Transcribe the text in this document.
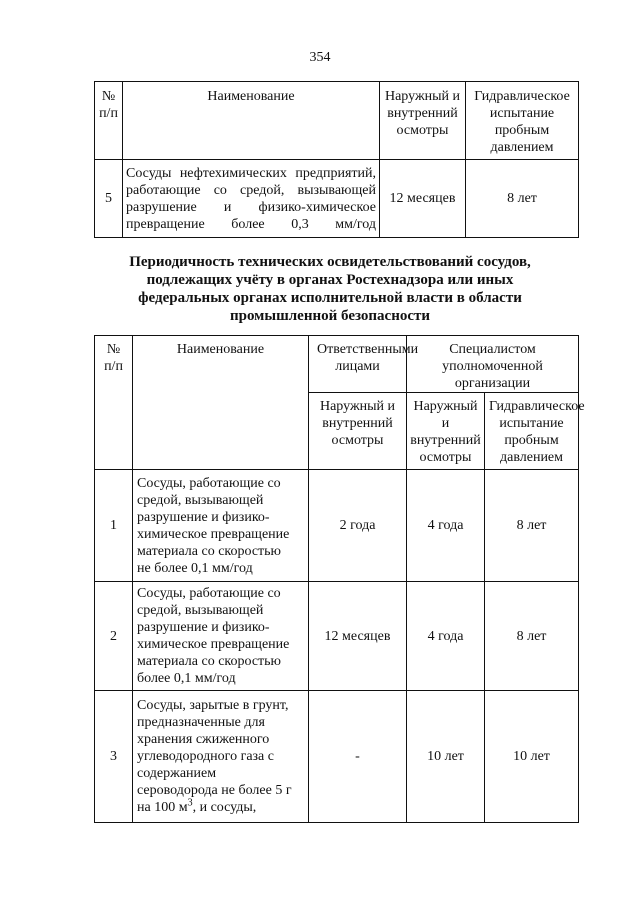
354
№ п/п	Наименование	Наружный и внутренний осмотры	Гидравлическое испытание пробным давлением
5	Сосуды нефтехимических предприятий, работающие со средой, вызывающей разрушение и физико-химическое превращение более 0,3 мм/год	12 месяцев	8 лет
Периодичность технических освидетельствований сосудов, подлежащих учёту в органах Ростехнадзора или иных федеральных органах исполнительной власти в области промышленной безопасности
№ п/п	Наименование	Ответственными лицами	Специалистом уполномоченной организации	
		Наружный и внутренний осмотры	Наружный и внутренний осмотры	Гидравлическое испытание пробным давлением
1	Сосуды, работающие со средой, вызывающей разрушение и физико-химическое превращение материала со скоростью не более 0,1 мм/год	2 года	4 года	8 лет
2	Сосуды, работающие со средой, вызывающей разрушение и физико-химическое превращение материала со скоростью более 0,1 мм/год	12 месяцев	4 года	8 лет
3	Сосуды, зарытые в грунт, предназначенные для хранения сжиженного углеводородного газа с содержанием сероводорода не более 5 г на 100 $м^3$, и сосуды,	-	10 лет	10 лет
